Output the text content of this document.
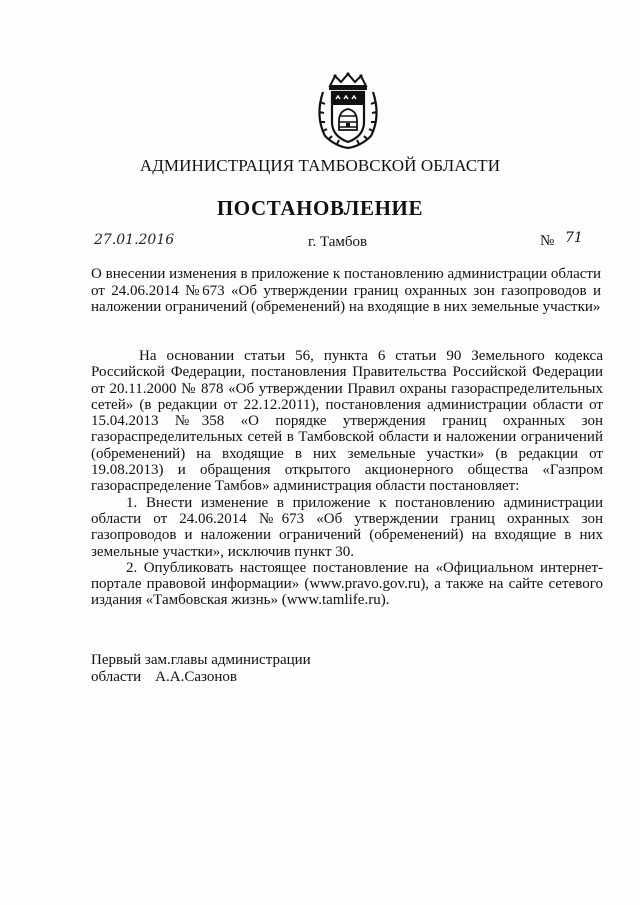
АДМИНИСТРАЦИЯ ТАМБОВСКОЙ ОБЛАСТИ
ПОСТАНОВЛЕНИЕ
27.01.2016	г. Тамбов	№ 71
О внесении изменения в приложение к постановлению администрации области от 24.06.2014 №673 «Об утверждении границ охранных зон газопроводов и наложении ограничений (обременений) на входящие в них земельные участки»

На основании статьи 56, пункта 6 статьи 90 Земельного кодекса Российской Федерации, постановления Правительства Российской Федерации от 20.11.2000 № 878 «Об утверждении Правил охраны газораспределительных сетей» (в редакции от 22.12.2011), постановления администрации области от 15.04.2013 №358 «О порядке утверждения границ охранных зон газораспределительных сетей в Тамбовской области и наложении ограничений (обременений) на входящие в них земельные участки» (в редакции от 19.08.2013) и обращения открытого акционерного общества «Газпром газораспределение Тамбов» администрация области постановляет:

1. Внести изменение в приложение к постановлению администрации области от 24.06.2014 №673 «Об утверждении границ охранных зон газопроводов и наложении ограничений (обременений) на входящие в них земельные участки», исключив пункт 30.

2. Опубликовать настоящее постановление на «Официальном интернет-портале правовой информации» (www.pravo.gov.ru), а также на сайте сетевого издания «Тамбовская жизнь» (www.tamlife.ru).

Первый зам.главы администрации
области А.А.Сазонов
